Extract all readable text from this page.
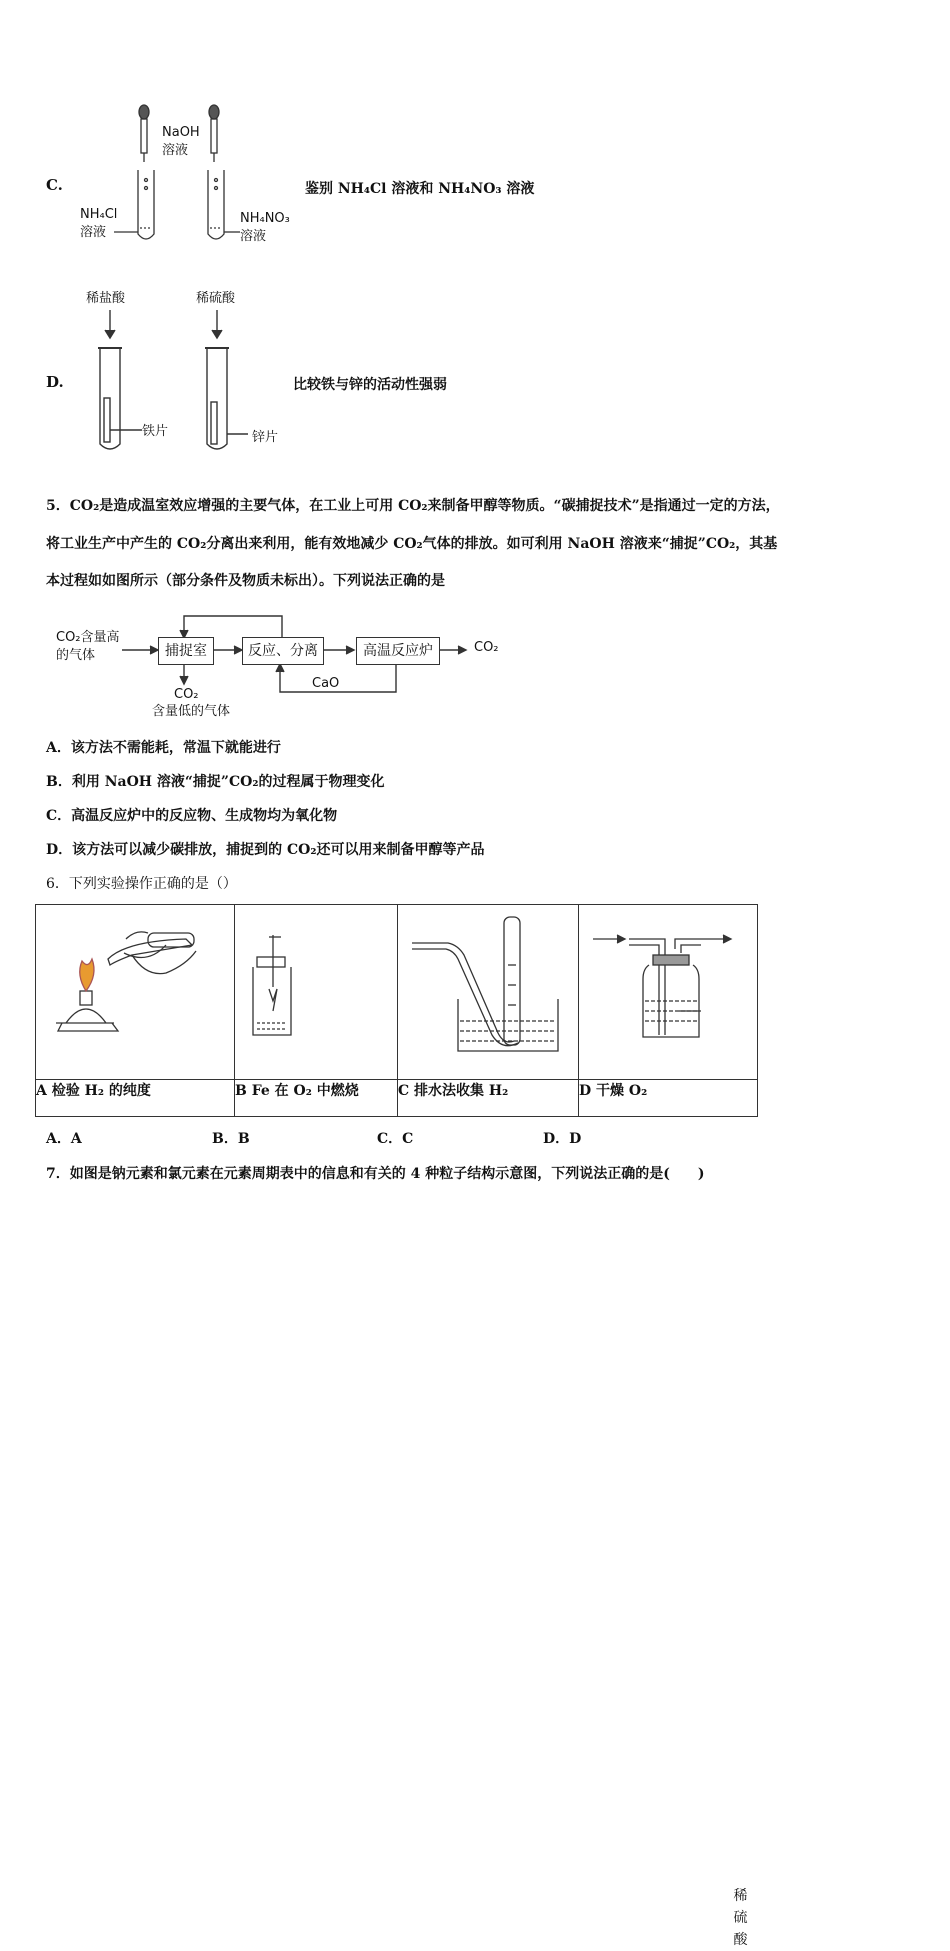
C.
NaOH
溶液
NH₄Cl
溶液
NH₄NO₃
溶液
鉴别 NH₄Cl 溶液和 NH₄NO₃ 溶液
D.
稀盐酸	稀硫酸
铁片	锌片
比较铁与锌的活动性强弱
5．CO₂是造成温室效应增强的主要气体，在工业上可用 CO₂来制备甲醇等物质。“碳捕捉技术”是指通过一定的方法，
将工业生产中产生的 CO₂分离出来利用，能有效地减少 CO₂气体的排放。如可利用 NaOH 溶液来“捕捉”CO₂，其基
本过程如如图所示（部分条件及物质未标出）。下列说法正确的是
CO₂含量高
的气体	捕捉室	反应、分离	高温反应炉	CO₂
CaO
CO₂
含量低的气体
A．该方法不需能耗，常温下就能进行
B．利用 NaOH 溶液“捕捉”CO₂的过程属于物理变化
C．高温反应炉中的反应物、生成物均为氧化物
D．该方法可以减少碳排放，捕捉到的 CO₂还可以用来制备甲醇等产品
6．下列实验操作正确的是（）

稀
硫
酸

A 检验 H₂ 的纯度	B Fe 在 O₂ 中燃烧	C 排水法收集 H₂	D 干燥 O₂
A．A	B．B	C．C	D．D
7．如图是钠元素和氯元素在元素周期表中的信息和有关的 4 种粒子结构示意图，下列说法正确的是(　　)
